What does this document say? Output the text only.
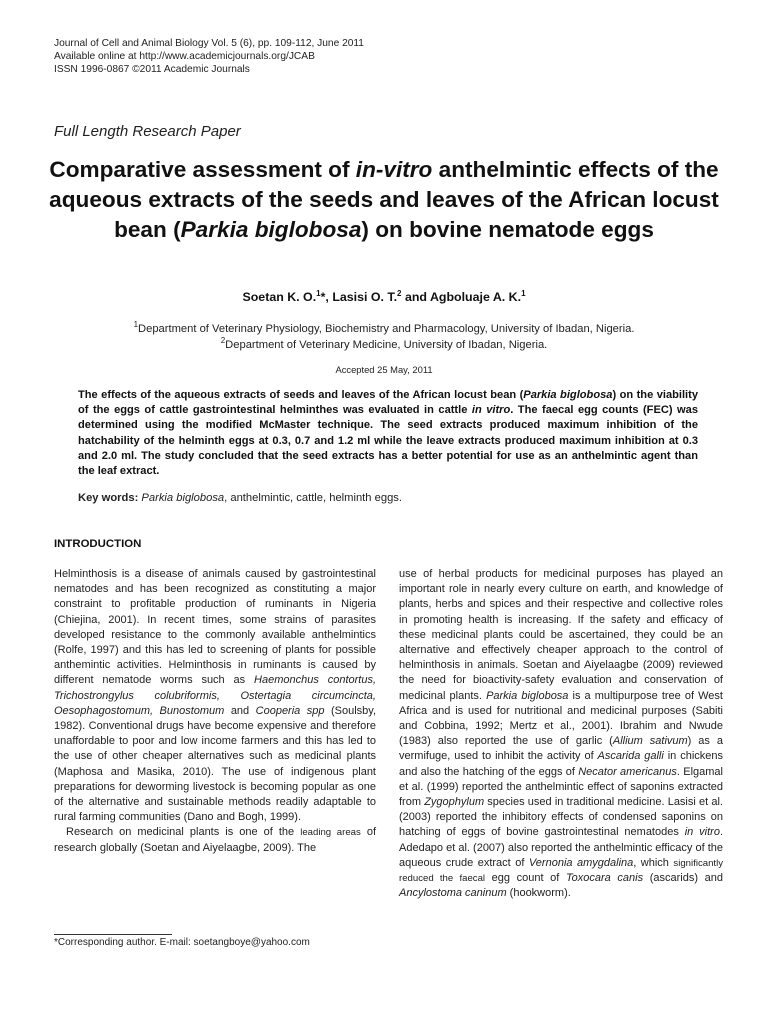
Journal of Cell and Animal Biology Vol. 5 (6), pp. 109-112, June 2011
Available online at http://www.academicjournals.org/JCAB
ISSN 1996-0867 ©2011 Academic Journals
Full Length Research Paper
Comparative assessment of in-vitro anthelmintic effects of the aqueous extracts of the seeds and leaves of the African locust bean (Parkia biglobosa) on bovine nematode eggs
Soetan K. O.$^1$*, Lasisi O. T.$^2$ and Agboluaje A. K.$^1$
$^1$Department of Veterinary Physiology, Biochemistry and Pharmacology, University of Ibadan, Nigeria.
$^2$Department of Veterinary Medicine, University of Ibadan, Nigeria.
Accepted 25 May, 2011
The effects of the aqueous extracts of seeds and leaves of the African locust bean (Parkia biglobosa) on the viability of the eggs of cattle gastrointestinal helminthes was evaluated in cattle in vitro. The faecal egg counts (FEC) was determined using the modified McMaster technique. The seed extracts produced maximum inhibition of the hatchability of the helminth eggs at 0.3, 0.7 and 1.2 ml while the leave extracts produced maximum inhibition at 0.3 and 2.0 ml. The study concluded that the seed extracts has a better potential for use as an anthelmintic agent than the leaf extract.
Key words: Parkia biglobosa, anthelmintic, cattle, helminth eggs.
INTRODUCTION

Helminthosis is a disease of animals caused by gastrointestinal nematodes and has been recognized as constituting a major constraint to profitable production of ruminants in Nigeria (Chiejina, 2001). In recent times, some strains of parasites developed resistance to the commonly available anthelmintics (Rolfe, 1997) and this has led to screening of plants for possible anthemintic activities. Helminthosis in ruminants is caused by different nematode worms such as Haemonchus contortus, Trichostrongylus colubriformis, Ostertagia circumcincta, Oesophagostomum, Bunostomum and Cooperia spp (Soulsby, 1982). Conventional drugs have become expensive and therefore unaffordable to poor and low income farmers and this has led to the use of other cheaper alternatives such as medicinal plants (Maphosa and Masika, 2010). The use of indigenous plant preparations for deworming livestock is becoming popular as one of the alternative and sustainable methods readily adaptable to rural farming communities (Dano and Bogh, 1999).

Research on medicinal plants is one of the leading areas of research globally (Soetan and Aiyelaagbe, 2009). The

use of herbal products for medicinal purposes has played an important role in nearly every culture on earth, and knowledge of plants, herbs and spices and their respective and collective roles in promoting health is increasing. If the safety and efficacy of these medicinal plants could be ascertained, they could be an alternative and effectively cheaper approach to the control of helminthosis in animals. Soetan and Aiyelaagbe (2009) reviewed the need for bioactivity-safety evaluation and conservation of medicinal plants. Parkia biglobosa is a multipurpose tree of West Africa and is used for nutritional and medicinal purposes (Sabiti and Cobbina, 1992; Mertz et al., 2001). Ibrahim and Nwude (1983) also reported the use of garlic (Allium sativum) as a vermifuge, used to inhibit the activity of Ascarida galli in chickens and also the hatching of the eggs of Necator americanus. Elgamal et al. (1999) reported the anthelmintic effect of saponins extracted from Zygophylum species used in traditional medicine. Lasisi et al. (2003) reported the inhibitory effects of condensed saponins on hatching of eggs of bovine gastrointestinal nematodes in vitro. Adedapo et al. (2007) also reported the anthelmintic efficacy of the aqueous crude extract of Vernonia amygdalina, which significantly reduced the faecal egg count of Toxocara canis (ascarids) and Ancylostoma caninum (hookworm).

*Corresponding author. E-mail: soetangboye@yahoo.com
